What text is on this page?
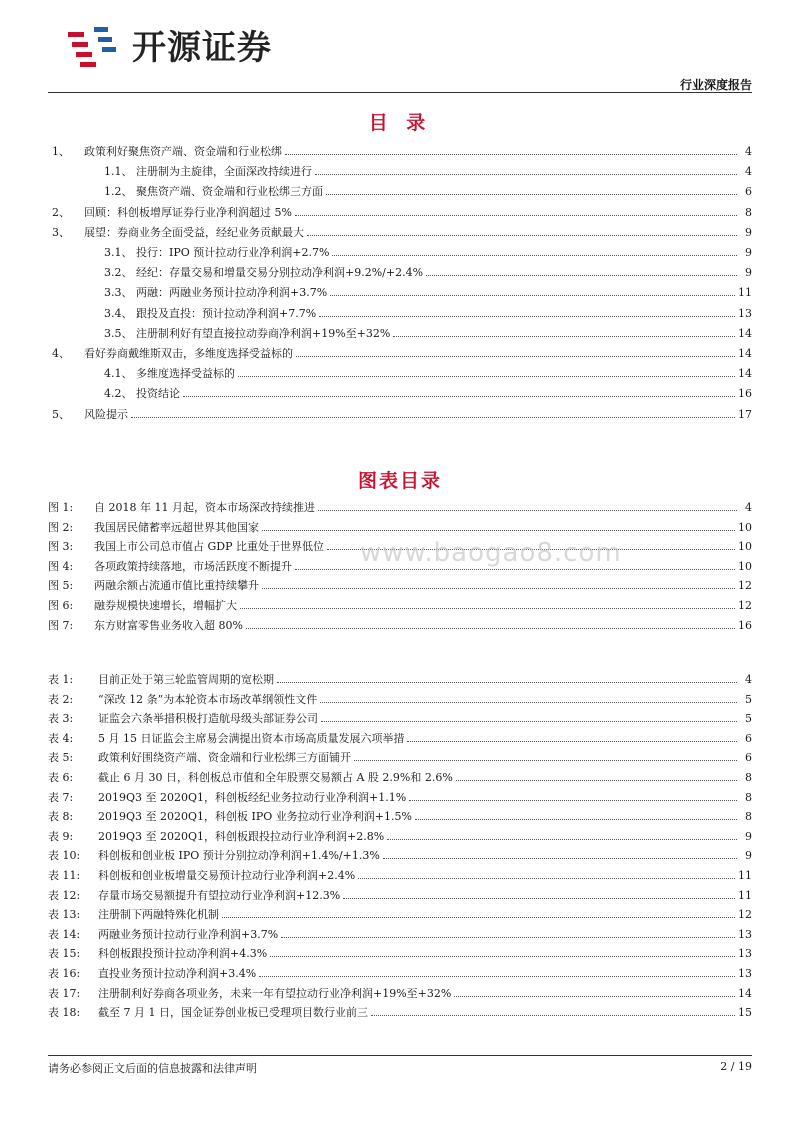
开源证券
行业深度报告
目 录
1、	政策利好聚焦资产端、资金端和行业松绑	4
1.1、 注册制为主旋律，全面深改持续进行	4
1.2、 聚焦资产端、资金端和行业松绑三方面	6
2、	回顾：科创板增厚证券行业净利润超过 5%	8
3、	展望：券商业务全面受益，经纪业务贡献最大	9
3.1、 投行：IPO 预计拉动行业净利润+2.7%	9
3.2、 经纪：存量交易和增量交易分别拉动净利润+9.2%/+2.4%	9
3.3、 两融：两融业务预计拉动净利润+3.7%	11
3.4、 跟投及直投：预计拉动净利润+7.7%	13
3.5、 注册制利好有望直接拉动券商净利润+19%至+32%	14
4、	看好券商戴维斯双击，多维度选择受益标的	14
4.1、 多维度选择受益标的	14
4.2、 投资结论	16
5、	风险提示	17
图表目录
图 1:	自 2018 年 11 月起，资本市场深改持续推进	4
图 2:	我国居民储蓄率远超世界其他国家	10
图 3:	我国上市公司总市值占 GDP 比重处于世界低位	10
图 4:	各项政策持续落地，市场活跃度不断提升	10
图 5:	两融余额占流通市值比重持续攀升	12
图 6:	融券规模快速增长，增幅扩大	12
图 7:	东方财富零售业务收入超 80%	16
表 1:	目前正处于第三轮监管周期的宽松期	4
表 2:	“深改 12 条”为本轮资本市场改革纲领性文件	5
表 3:	证监会六条举措积极打造航母级头部证券公司	5
表 4:	5 月 15 日证监会主席易会满提出资本市场高质量发展六项举措	6
表 5:	政策利好围绕资产端、资金端和行业松绑三方面铺开	6
表 6:	截止 6 月 30 日，科创板总市值和全年股票交易额占 A 股 2.9%和 2.6%	8
表 7:	2019Q3 至 2020Q1，科创板经纪业务拉动行业净利润+1.1%	8
表 8:	2019Q3 至 2020Q1，科创板 IPO 业务拉动行业净利润+1.5%	8
表 9:	2019Q3 至 2020Q1，科创板跟投拉动行业净利润+2.8%	9
表 10:	科创板和创业板 IPO 预计分别拉动净利润+1.4%/+1.3%	9
表 11:	科创板和创业板增量交易预计拉动行业净利润+2.4%	11
表 12:	存量市场交易额提升有望拉动行业净利润+12.3%	11
表 13:	注册制下两融特殊化机制	12
表 14:	两融业务预计拉动行业净利润+3.7%	13
表 15:	科创板跟投预计拉动净利润+4.3%	13
表 16:	直投业务预计拉动净利润+3.4%	13
表 17:	注册制利好券商各项业务，未来一年有望拉动行业净利润+19%至+32%	14
表 18:	截至 7 月 1 日，国金证券创业板已受理项目数行业前三	15
www.baogao8.com
请务必参阅正文后面的信息披露和法律声明	2 / 19
